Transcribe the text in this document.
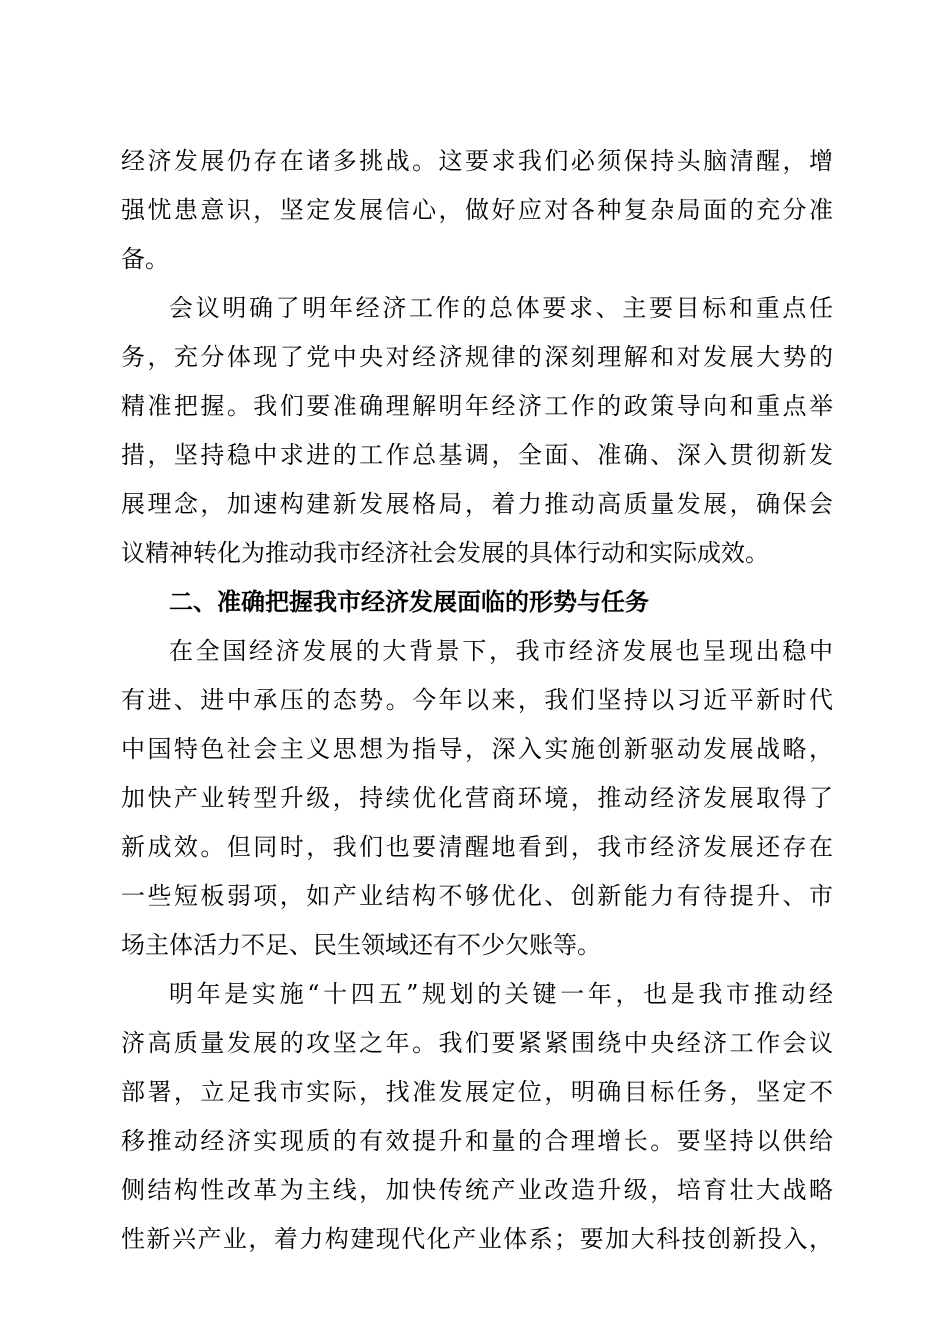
经济发展仍存在诸多挑战。这要求我们必须保持头脑清醒，增
强忧患意识，坚定发展信心，做好应对各种复杂局面的充分准
备。
会议明确了明年经济工作的总体要求、主要目标和重点任
务，充分体现了党中央对经济规律的深刻理解和对发展大势的
精准把握。我们要准确理解明年经济工作的政策导向和重点举
措，坚持稳中求进的工作总基调，全面、准确、深入贯彻新发
展理念，加速构建新发展格局，着力推动高质量发展，确保会
议精神转化为推动我市经济社会发展的具体行动和实际成效。
二、准确把握我市经济发展面临的形势与任务
在全国经济发展的大背景下，我市经济发展也呈现出稳中
有进、进中承压的态势。今年以来，我们坚持以习近平新时代
中国特色社会主义思想为指导，深入实施创新驱动发展战略，
加快产业转型升级，持续优化营商环境，推动经济发展取得了
新成效。但同时，我们也要清醒地看到，我市经济发展还存在
一些短板弱项，如产业结构不够优化、创新能力有待提升、市
场主体活力不足、民生领域还有不少欠账等。
明年是实施“十四五”规划的关键一年，也是我市推动经
济高质量发展的攻坚之年。我们要紧紧围绕中央经济工作会议
部署，立足我市实际，找准发展定位，明确目标任务，坚定不
移推动经济实现质的有效提升和量的合理增长。要坚持以供给
侧结构性改革为主线，加快传统产业改造升级，培育壮大战略
性新兴产业，着力构建现代化产业体系；要加大科技创新投入，
